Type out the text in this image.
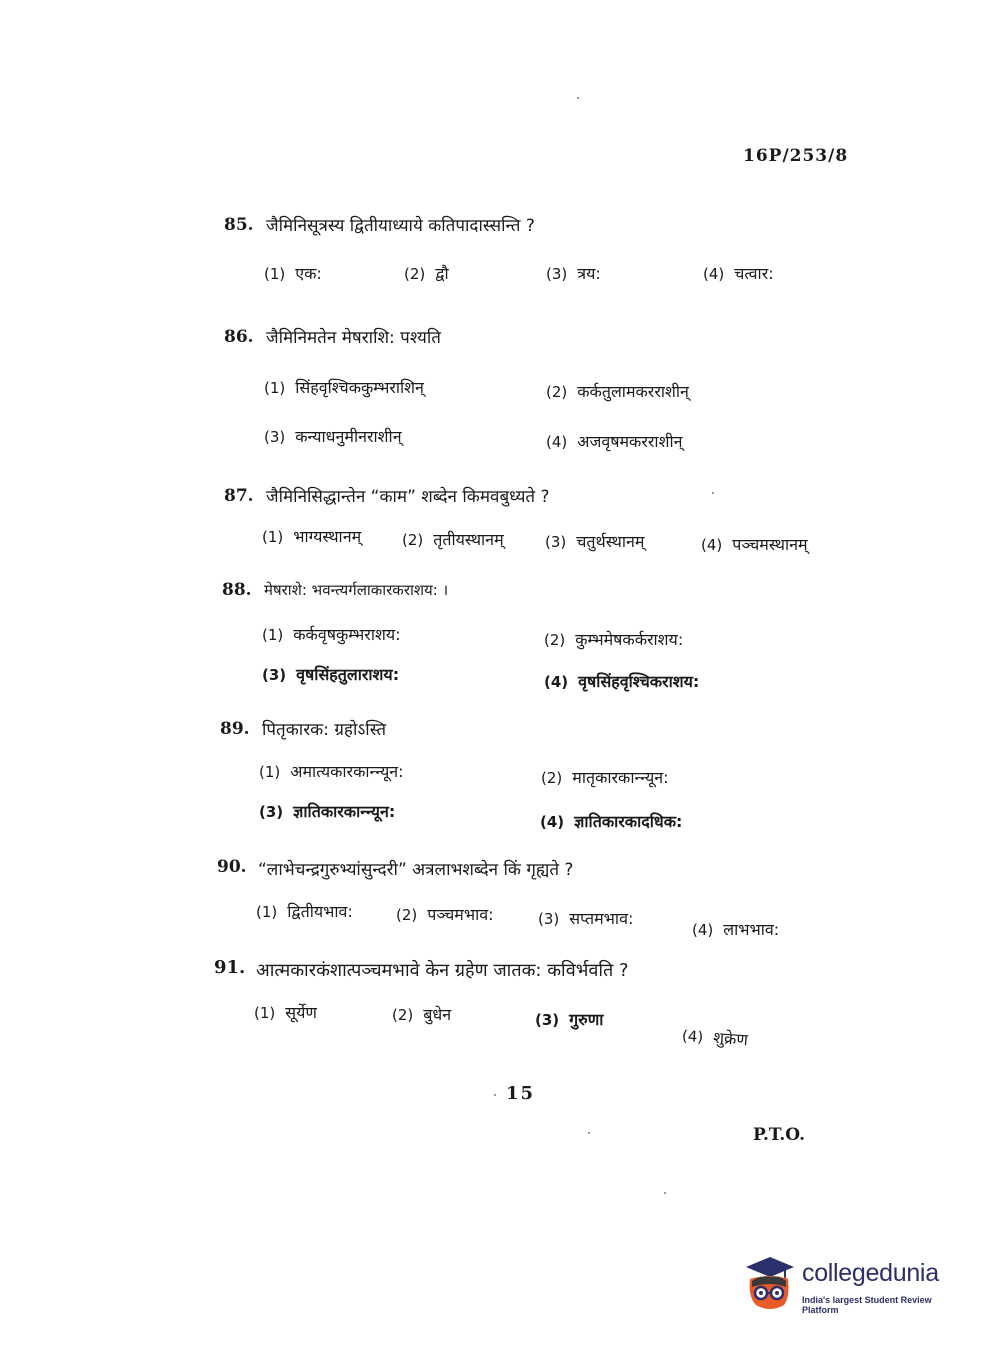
16P/253/8
85. जैमिनिसूत्रस्य द्वितीयाध्याये कतिपादास्सन्ति ?
(1) एक:	(2) द्वौ	(3) त्रय:	(4) चत्वार:
86. जैमिनिमतेन मेषराशि: पश्यति
(1) सिंहवृश्चिककुम्भराशिन्	(2) कर्कतुलामकरराशीन्
(3) कन्याधनुमीनराशीन्	(4) अजवृषमकरराशीन्
87. जैमिनिसिद्धान्तेन “काम” शब्देन किमवबुध्यते ?
(1) भाग्यस्थानम्	(2) तृतीयस्थानम्	(3) चतुर्थस्थानम्	(4) पञ्चमस्थानम्
88. मेषराशे: भवन्त्यर्गलाकारकराशय: ।
(1) कर्कवृषकुम्भराशय:	(2) कुम्भमेषकर्कराशय:
(3) वृषसिंहतुलाराशय:	(4) वृषसिंहवृश्चिकराशय:
89. पितृकारक: ग्रहोऽस्ति
(1) अमात्यकारकान्न्यून:	(2) मातृकारकान्न्यून:
(3) ज्ञातिकारकान्न्यून:
(4) ज्ञातिकारकादधिक:
90. “लाभेचन्द्रगुरुभ्यांसुन्दरी” अत्रलाभशब्देन किं गृह्यते ?
(1) द्वितीयभाव:	(2) पञ्चमभाव:	(3) सप्तमभाव:
(4) लाभभाव:
91. आत्मकारकंशात्पञ्चमभावे केन ग्रहेण जातक: कविर्भवति ?
(1) सूर्येण	(2) बुधेन	(3) गुरुणा
(4) शुक्रेण
15
P.T.O.
collegedunia
India's largest Student Review Platform
